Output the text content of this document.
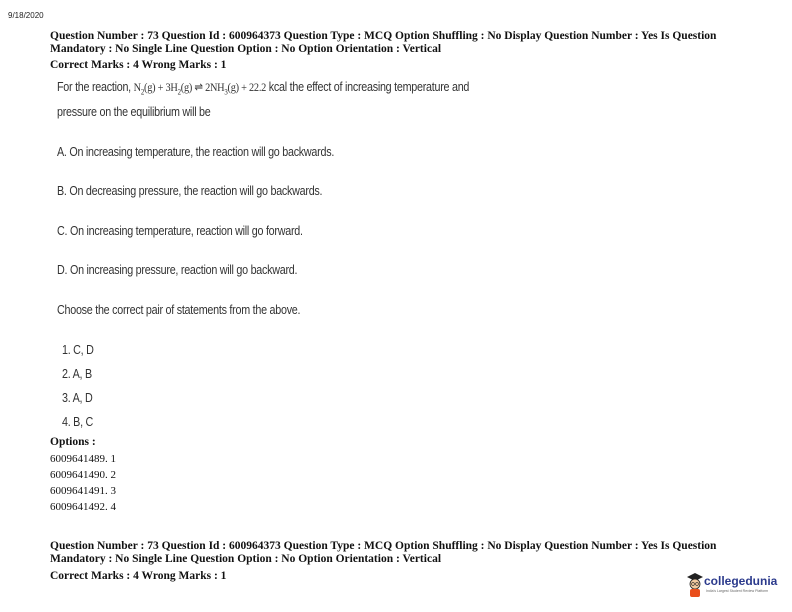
9/18/2020
Question Number : 73 Question Id : 600964373 Question Type : MCQ Option Shuffling : No Display Question Number : Yes Is Question
Mandatory : No Single Line Question Option : No Option Orientation : Vertical
Correct Marks : 4 Wrong Marks : 1
For the reaction, $N_2(g) + 3H_2(g)$ ⇌ $2NH_3(g) + 22.2$ kcal the effect of increasing temperature and
pressure on the equilibrium will be
A. On increasing temperature, the reaction will go backwards.
B. On decreasing pressure, the reaction will go backwards.
C. On increasing temperature, reaction will go forward.
D. On increasing pressure, reaction will go backward.
Choose the correct pair of statements from the above.
1. C, D
2. A, B
3. A, D
4. B, C
Options :
6009641489. 1
6009641490. 2
6009641491. 3
6009641492. 4
Question Number : 73 Question Id : 600964373 Question Type : MCQ Option Shuffling : No Display Question Number : Yes Is Question
Mandatory : No Single Line Question Option : No Option Orientation : Vertical
Correct Marks : 4 Wrong Marks : 1	collegedunia
India's Largest Student Review Platform
